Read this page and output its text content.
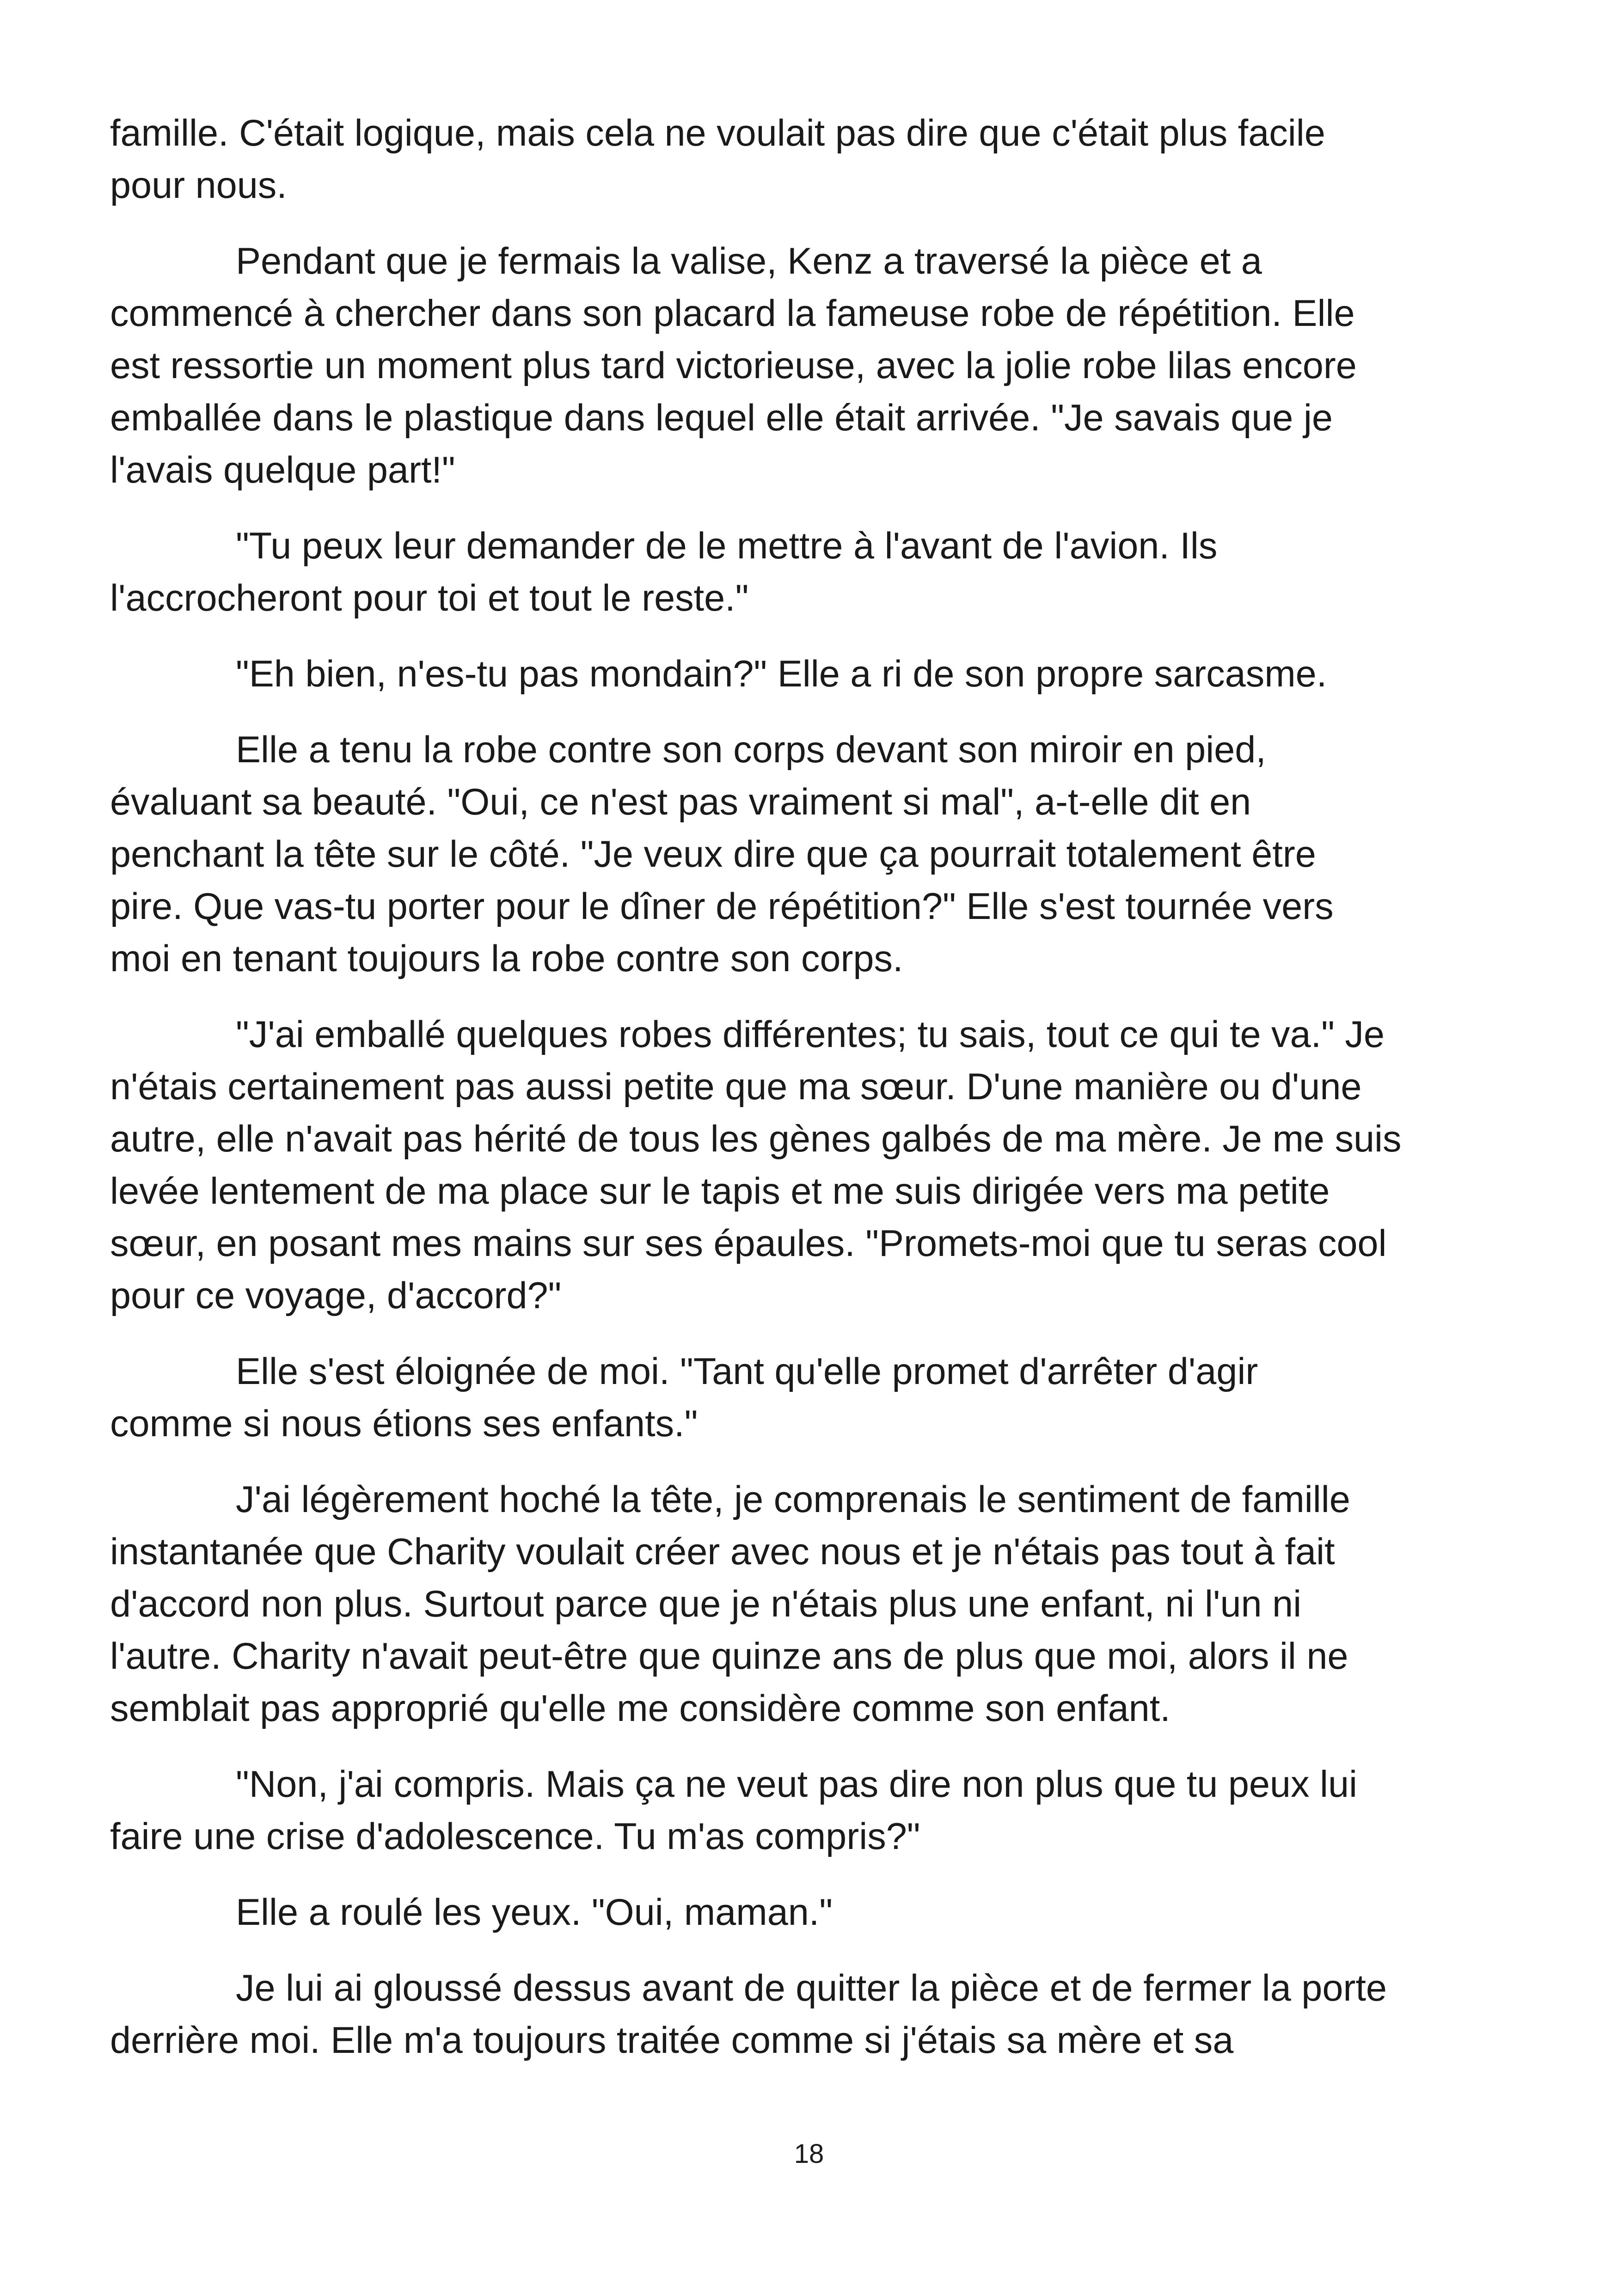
famille. C'était logique, mais cela ne voulait pas dire que c'était plus facile
pour nous.
Pendant que je fermais la valise, Kenz a traversé la pièce et a
commencé à chercher dans son placard la fameuse robe de répétition. Elle
est ressortie un moment plus tard victorieuse, avec la jolie robe lilas encore
emballée dans le plastique dans lequel elle était arrivée. "Je savais que je
l'avais quelque part!"
"Tu peux leur demander de le mettre à l'avant de l'avion. Ils
l'accrocheront pour toi et tout le reste."
"Eh bien, n'es-tu pas mondain?" Elle a ri de son propre sarcasme.
Elle a tenu la robe contre son corps devant son miroir en pied,
évaluant sa beauté. "Oui, ce n'est pas vraiment si mal", a-t-elle dit en
penchant la tête sur le côté. "Je veux dire que ça pourrait totalement être
pire. Que vas-tu porter pour le dîner de répétition?" Elle s'est tournée vers
moi en tenant toujours la robe contre son corps.
"J'ai emballé quelques robes différentes; tu sais, tout ce qui te va." Je
n'étais certainement pas aussi petite que ma sœur. D'une manière ou d'une
autre, elle n'avait pas hérité de tous les gènes galbés de ma mère. Je me suis
levée lentement de ma place sur le tapis et me suis dirigée vers ma petite
sœur, en posant mes mains sur ses épaules. "Promets-moi que tu seras cool
pour ce voyage, d'accord?"
Elle s'est éloignée de moi. "Tant qu'elle promet d'arrêter d'agir
comme si nous étions ses enfants."
J'ai légèrement hoché la tête, je comprenais le sentiment de famille
instantanée que Charity voulait créer avec nous et je n'étais pas tout à fait
d'accord non plus. Surtout parce que je n'étais plus une enfant, ni l'un ni
l'autre. Charity n'avait peut-être que quinze ans de plus que moi, alors il ne
semblait pas approprié qu'elle me considère comme son enfant.
"Non, j'ai compris. Mais ça ne veut pas dire non plus que tu peux lui
faire une crise d'adolescence. Tu m'as compris?"
Elle a roulé les yeux. "Oui, maman."
Je lui ai gloussé dessus avant de quitter la pièce et de fermer la porte
derrière moi. Elle m'a toujours traitée comme si j'étais sa mère et sa
18
